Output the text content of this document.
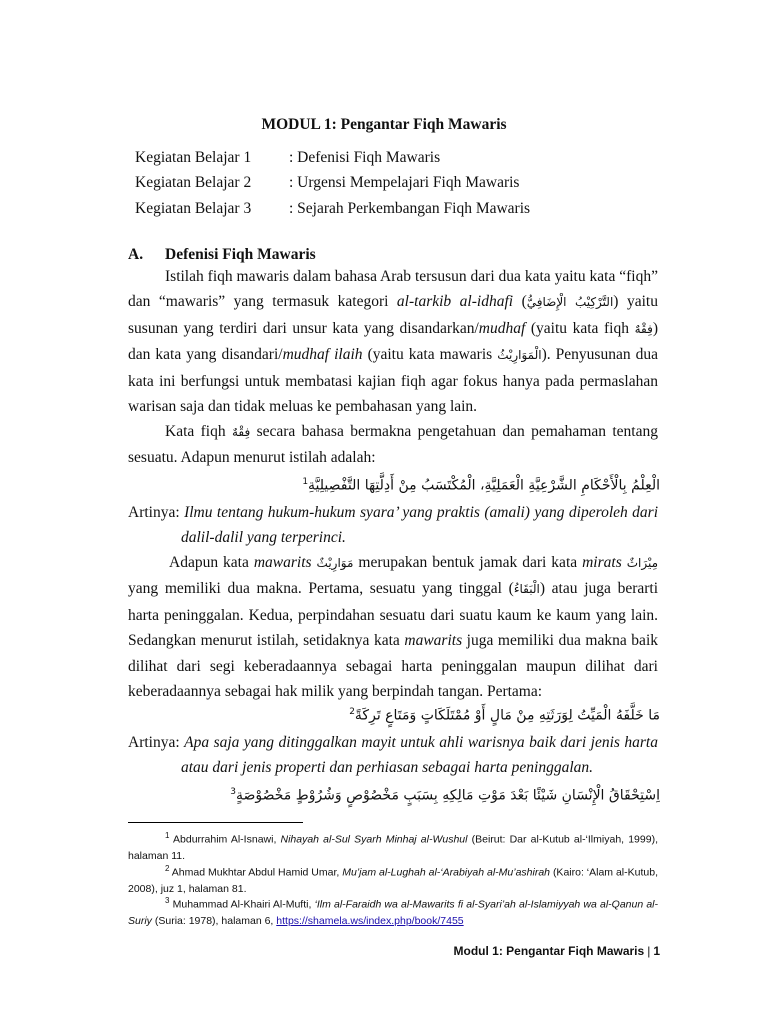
MODUL 1: Pengantar Fiqh Mawaris
Kegiatan Belajar 1 : Defenisi Fiqh Mawaris
Kegiatan Belajar 2 : Urgensi Mempelajari Fiqh Mawaris
Kegiatan Belajar 3 : Sejarah Perkembangan Fiqh Mawaris
A. Defenisi Fiqh Mawaris
Istilah fiqh mawaris dalam bahasa Arab tersusun dari dua kata yaitu kata “fiqh” dan “mawaris” yang termasuk kategori al-tarkib al-idhafi (التَّرْكِيْبُ الْإِضَافِيُّ) yaitu susunan yang terdiri dari unsur kata yang disandarkan/mudhaf (yaitu kata fiqh فِقْهٌ) dan kata yang disandari/mudhaf ilaih (yaitu kata mawaris الْمَوَارِيْثُ). Penyusunan dua kata ini berfungsi untuk membatasi kajian fiqh agar fokus hanya pada permaslahan warisan saja dan tidak meluas ke pembahasan yang lain.
Kata fiqh فِقْهٌ secara bahasa bermakna pengetahuan dan pemahaman tentang sesuatu. Adapun menurut istilah adalah:
الْعِلْمُ بِالْأَحْكَامِ الشَّرْعِيَّةِ الْعَمَلِيَّةِ، الْمُكْتَسَبُ مِنْ أَدِلَّتِهَا التَّفْصِيلِيَّةِ$^1$
Artinya: Ilmu tentang hukum-hukum syara’ yang praktis (amali) yang diperoleh dari dalil-dalil yang terperinci.
Adapun kata mawarits مَوَارِيْثٌ merupakan bentuk jamak dari kata mirats مِيْرَاثٌ yang memiliki dua makna. Pertama, sesuatu yang tinggal (الْبَقَاءُ) atau juga berarti harta peninggalan. Kedua, perpindahan sesuatu dari suatu kaum ke kaum yang lain. Sedangkan menurut istilah, setidaknya kata mawarits juga memiliki dua makna baik dilihat dari segi keberadaannya sebagai harta peninggalan maupun dilihat dari keberadaannya sebagai hak milik yang berpindah tangan. Pertama:
مَا خَلَّفَهُ الْمَيِّتُ لِوَرَثَتِهِ مِنْ مَالٍ أَوْ مُمْتَلَكَاتٍ وَمَتَاعٍ تَرِكَةً$^2$
Artinya: Apa saja yang ditinggalkan mayit untuk ahli warisnya baik dari jenis harta atau dari jenis properti dan perhiasan sebagai harta peninggalan.
اِسْتِحْقَاقُ الْإِنْسَانِ شَيْئًا بَعْدَ مَوْتِ مَالِكِهِ بِسَبَبٍ مَخْصُوْصٍ وَشُرُوْطٍ مَخْصُوْصَةٍ$^3$
$^1$ Abdurrahim Al-Isnawi, Nihayah al-Sul Syarh Minhaj al-Wushul (Beirut: Dar al-Kutub al-‘Ilmiyah, 1999), halaman 11.
$^2$ Ahmad Mukhtar Abdul Hamid Umar, Mu’jam al-Lughah al-‘Arabiyah al-Mu’ashirah (Kairo: ‘Alam al-Kutub, 2008), juz 1, halaman 81.
$^3$ Muhammad Al-Khairi Al-Mufti, ‘Ilm al-Faraidh wa al-Mawarits fi al-Syari’ah al-Islamiyyah wa al-Qanun al-Suriy (Suria: 1978), halaman 6, https://shamela.ws/index.php/book/7455
Modul 1: Pengantar Fiqh Mawaris | 1
